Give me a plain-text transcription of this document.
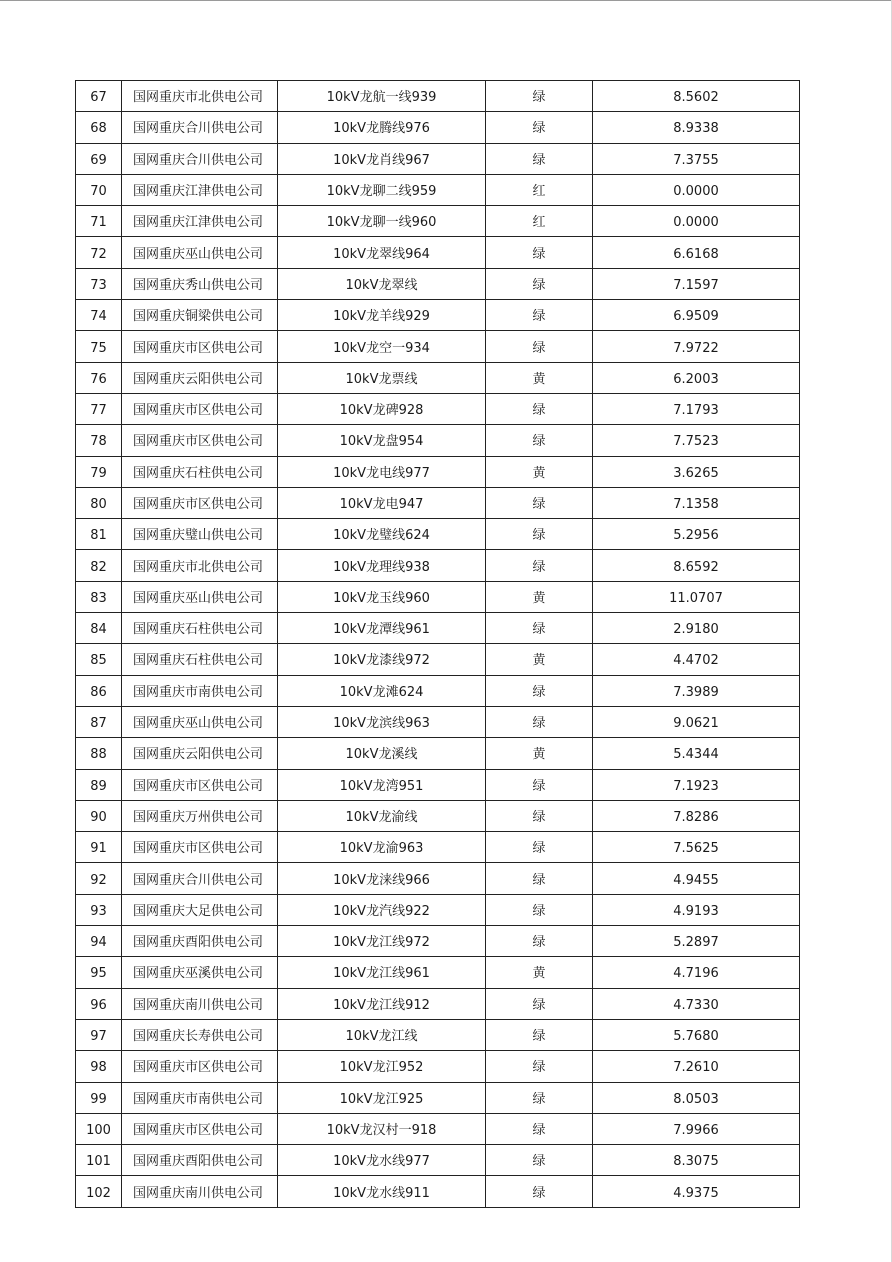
67	国网重庆市北供电公司	10kV龙航一线939	绿	8.5602
68	国网重庆合川供电公司	10kV龙腾线976	绿	8.9338
69	国网重庆合川供电公司	10kV龙肖线967	绿	7.3755
70	国网重庆江津供电公司	10kV龙聊二线959	红	0.0000
71	国网重庆江津供电公司	10kV龙聊一线960	红	0.0000
72	国网重庆巫山供电公司	10kV龙翠线964	绿	6.6168
73	国网重庆秀山供电公司	10kV龙翠线	绿	7.1597
74	国网重庆铜梁供电公司	10kV龙羊线929	绿	6.9509
75	国网重庆市区供电公司	10kV龙空一934	绿	7.9722
76	国网重庆云阳供电公司	10kV龙票线	黄	6.2003
77	国网重庆市区供电公司	10kV龙碑928	绿	7.1793
78	国网重庆市区供电公司	10kV龙盘954	绿	7.7523
79	国网重庆石柱供电公司	10kV龙电线977	黄	3.6265
80	国网重庆市区供电公司	10kV龙电947	绿	7.1358
81	国网重庆璧山供电公司	10kV龙璧线624	绿	5.2956
82	国网重庆市北供电公司	10kV龙理线938	绿	8.6592
83	国网重庆巫山供电公司	10kV龙玉线960	黄	11.0707
84	国网重庆石柱供电公司	10kV龙潭线961	绿	2.9180
85	国网重庆石柱供电公司	10kV龙漆线972	黄	4.4702
86	国网重庆市南供电公司	10kV龙滩624	绿	7.3989
87	国网重庆巫山供电公司	10kV龙滨线963	绿	9.0621
88	国网重庆云阳供电公司	10kV龙溪线	黄	5.4344
89	国网重庆市区供电公司	10kV龙湾951	绿	7.1923
90	国网重庆万州供电公司	10kV龙渝线	绿	7.8286
91	国网重庆市区供电公司	10kV龙渝963	绿	7.5625
92	国网重庆合川供电公司	10kV龙涞线966	绿	4.9455
93	国网重庆大足供电公司	10kV龙汽线922	绿	4.9193
94	国网重庆酉阳供电公司	10kV龙江线972	绿	5.2897
95	国网重庆巫溪供电公司	10kV龙江线961	黄	4.7196
96	国网重庆南川供电公司	10kV龙江线912	绿	4.7330
97	国网重庆长寿供电公司	10kV龙江线	绿	5.7680
98	国网重庆市区供电公司	10kV龙江952	绿	7.2610
99	国网重庆市南供电公司	10kV龙江925	绿	8.0503
100	国网重庆市区供电公司	10kV龙汉村一918	绿	7.9966
101	国网重庆酉阳供电公司	10kV龙水线977	绿	8.3075
102	国网重庆南川供电公司	10kV龙水线911	绿	4.9375
